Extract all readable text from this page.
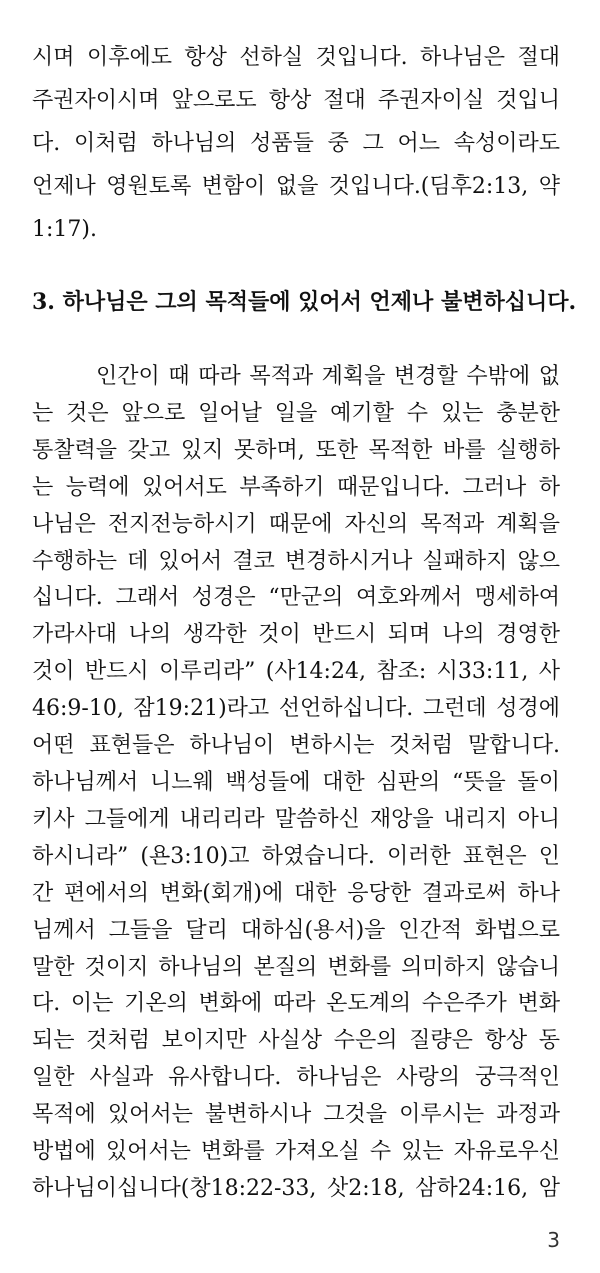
시며 이후에도 항상 선하실 것입니다. 하나님은 절대
주권자이시며 앞으로도 항상 절대 주권자이실 것입니
다. 이처럼 하나님의 성품들 중 그 어느 속성이라도
언제나 영원토록 변함이 없을 것입니다.(딤후2:13, 약
1:17).
3. 하나님은 그의 목적들에 있어서 언제나 불변하십니다.
인간이 때 따라 목적과 계획을 변경할 수밖에 없
는 것은 앞으로 일어날 일을 예기할 수 있는 충분한
통찰력을 갖고 있지 못하며, 또한 목적한 바를 실행하
는 능력에 있어서도 부족하기 때문입니다. 그러나 하
나님은 전지전능하시기 때문에 자신의 목적과 계획을
수행하는 데 있어서 결코 변경하시거나 실패하지 않으
십니다. 그래서 성경은 “만군의 여호와께서 맹세하여
가라사대 나의 생각한 것이 반드시 되며 나의 경영한
것이 반드시 이루리라” (사14:24, 참조: 시33:11, 사
46:9-10, 잠19:21)라고 선언하십니다. 그런데 성경에
어떤 표현들은 하나님이 변하시는 것처럼 말합니다.
하나님께서 니느웨 백성들에 대한 심판의 “뜻을 돌이
키사 그들에게 내리리라 말씀하신 재앙을 내리지 아니
하시니라” (욘3:10)고 하였습니다. 이러한 표현은 인
간 편에서의 변화(회개)에 대한 응당한 결과로써 하나
님께서 그들을 달리 대하심(용서)을 인간적 화법으로
말한 것이지 하나님의 본질의 변화를 의미하지 않습니
다. 이는 기온의 변화에 따라 온도계의 수은주가 변화
되는 것처럼 보이지만 사실상 수은의 질량은 항상 동
일한 사실과 유사합니다. 하나님은 사랑의 궁극적인
목적에 있어서는 불변하시나 그것을 이루시는 과정과
3
방법에 있어서는 변화를 가져오실 수 있는 자유로우신
하나님이십니다(창18:22-33, 삿2:18, 삼하24:16, 암
